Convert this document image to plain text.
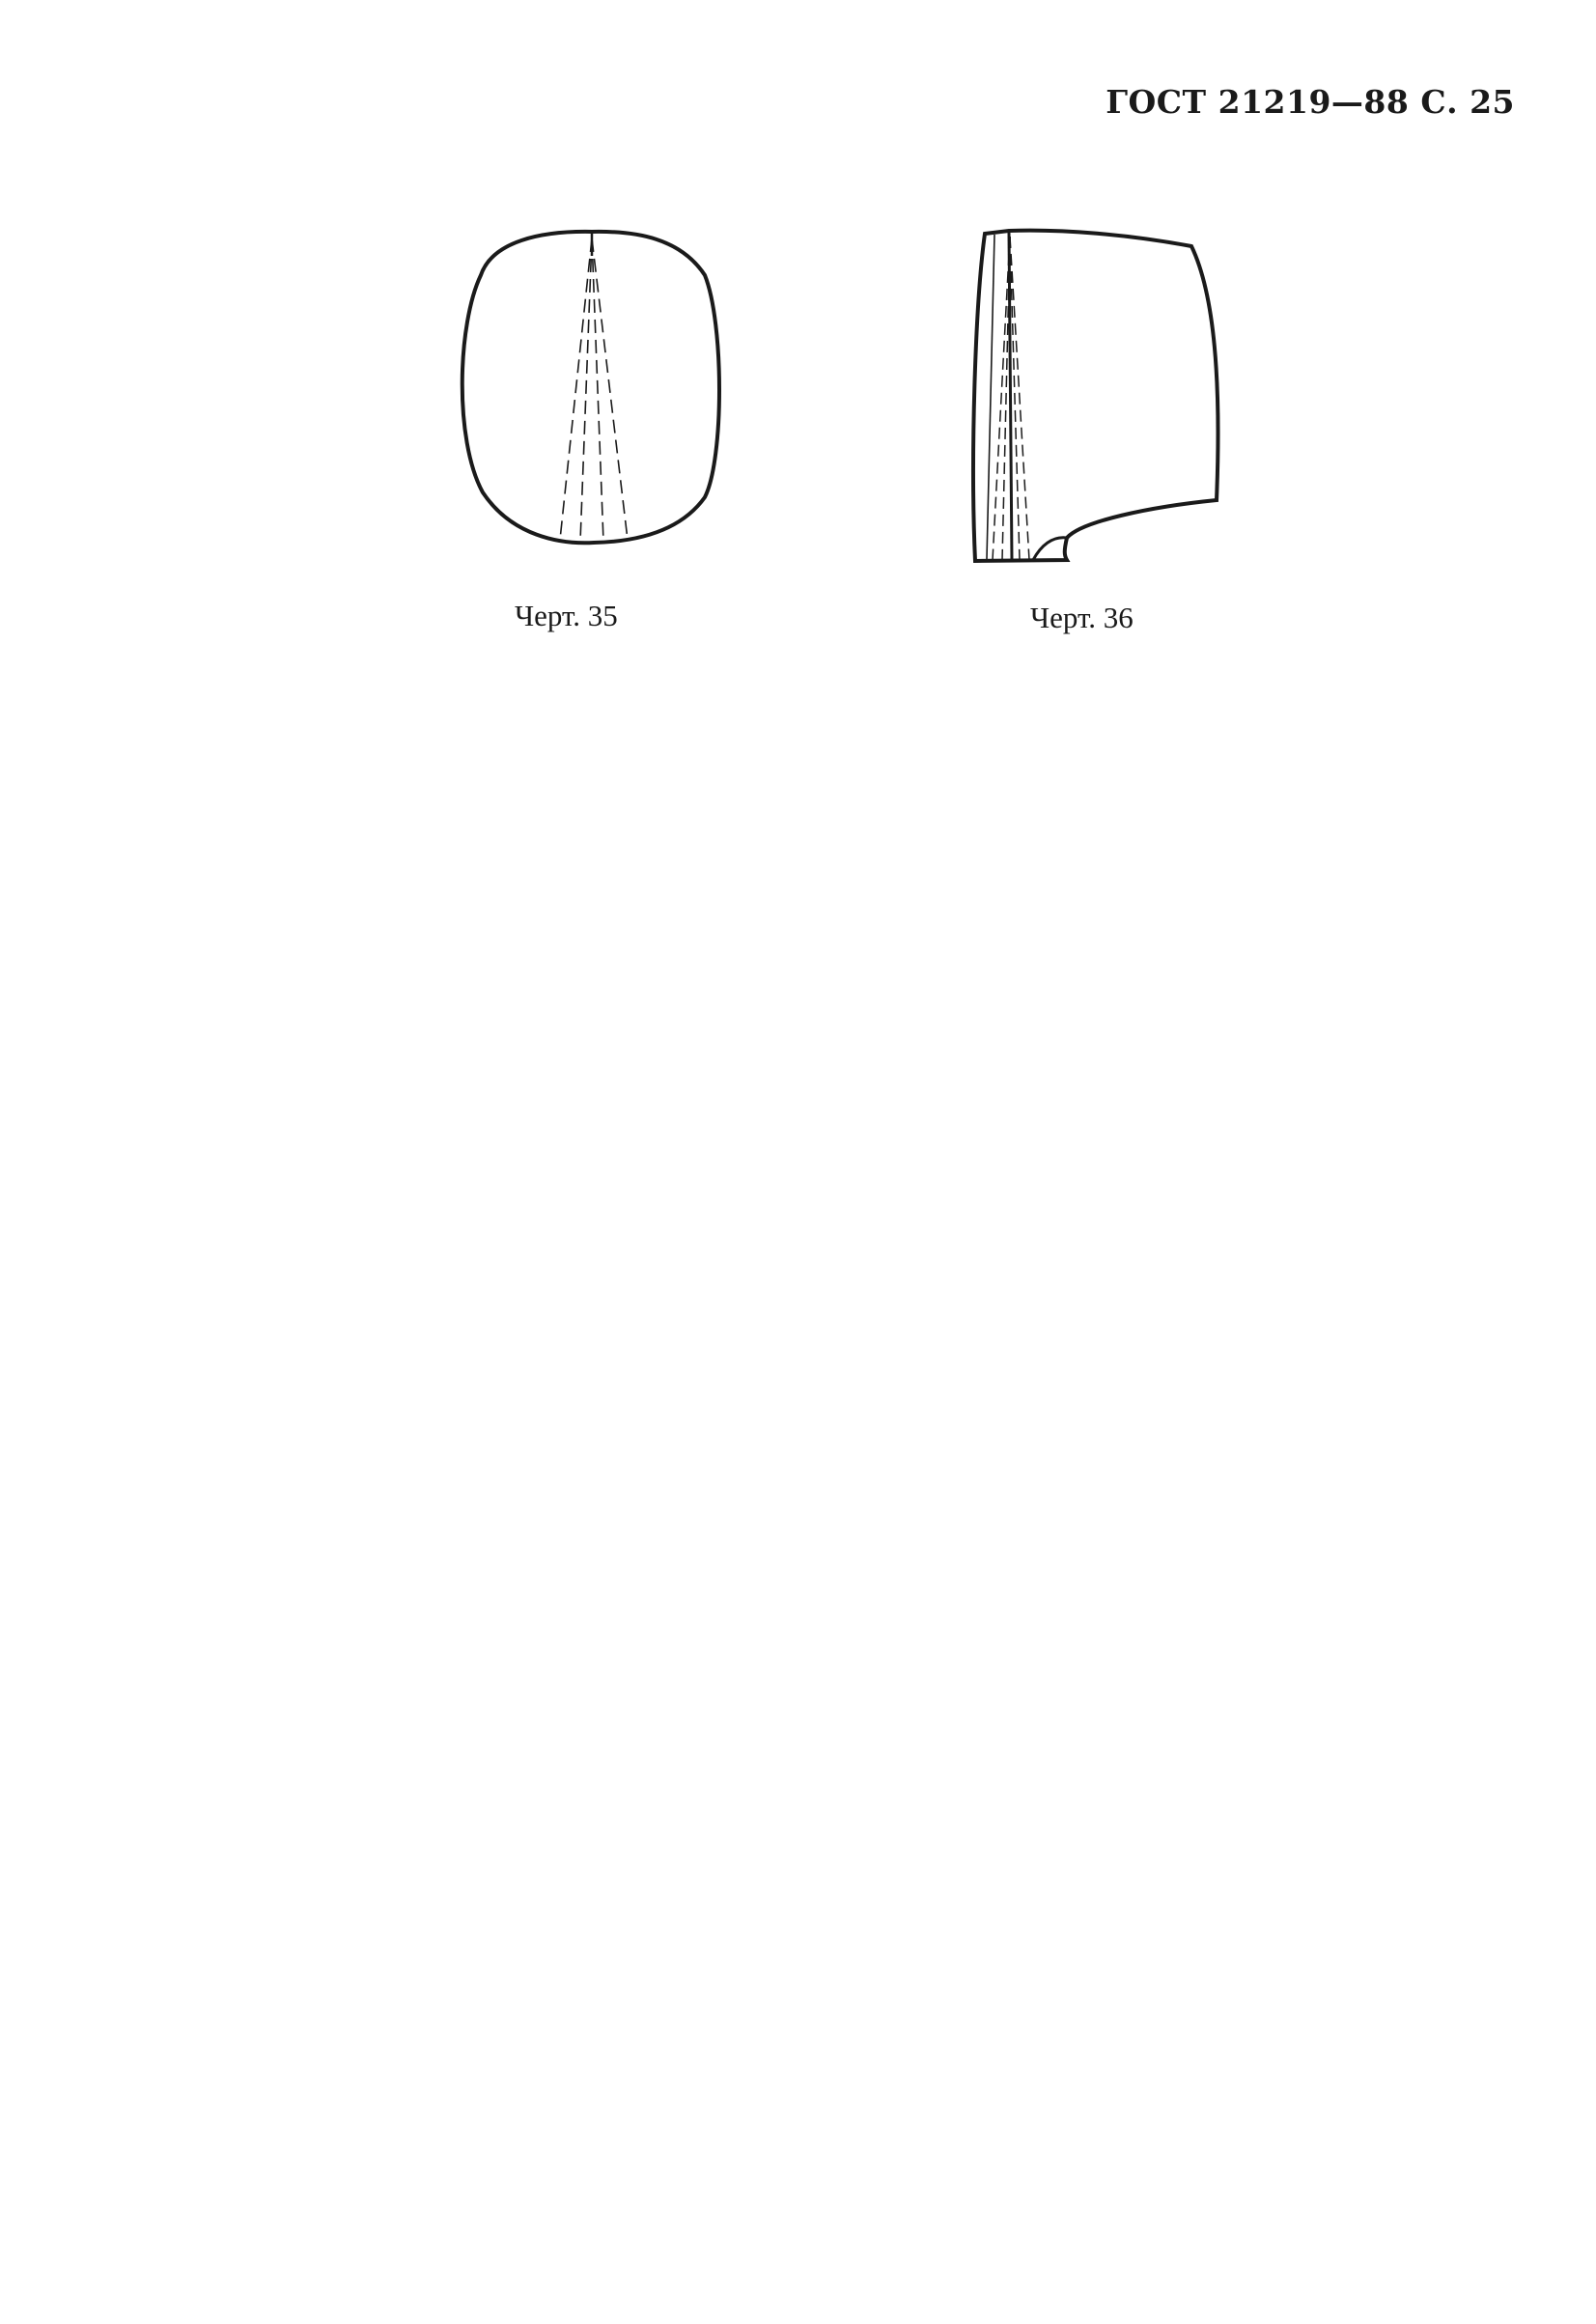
ГОСТ 21219—88 С. 25
Черт. 35	Черт. 36
